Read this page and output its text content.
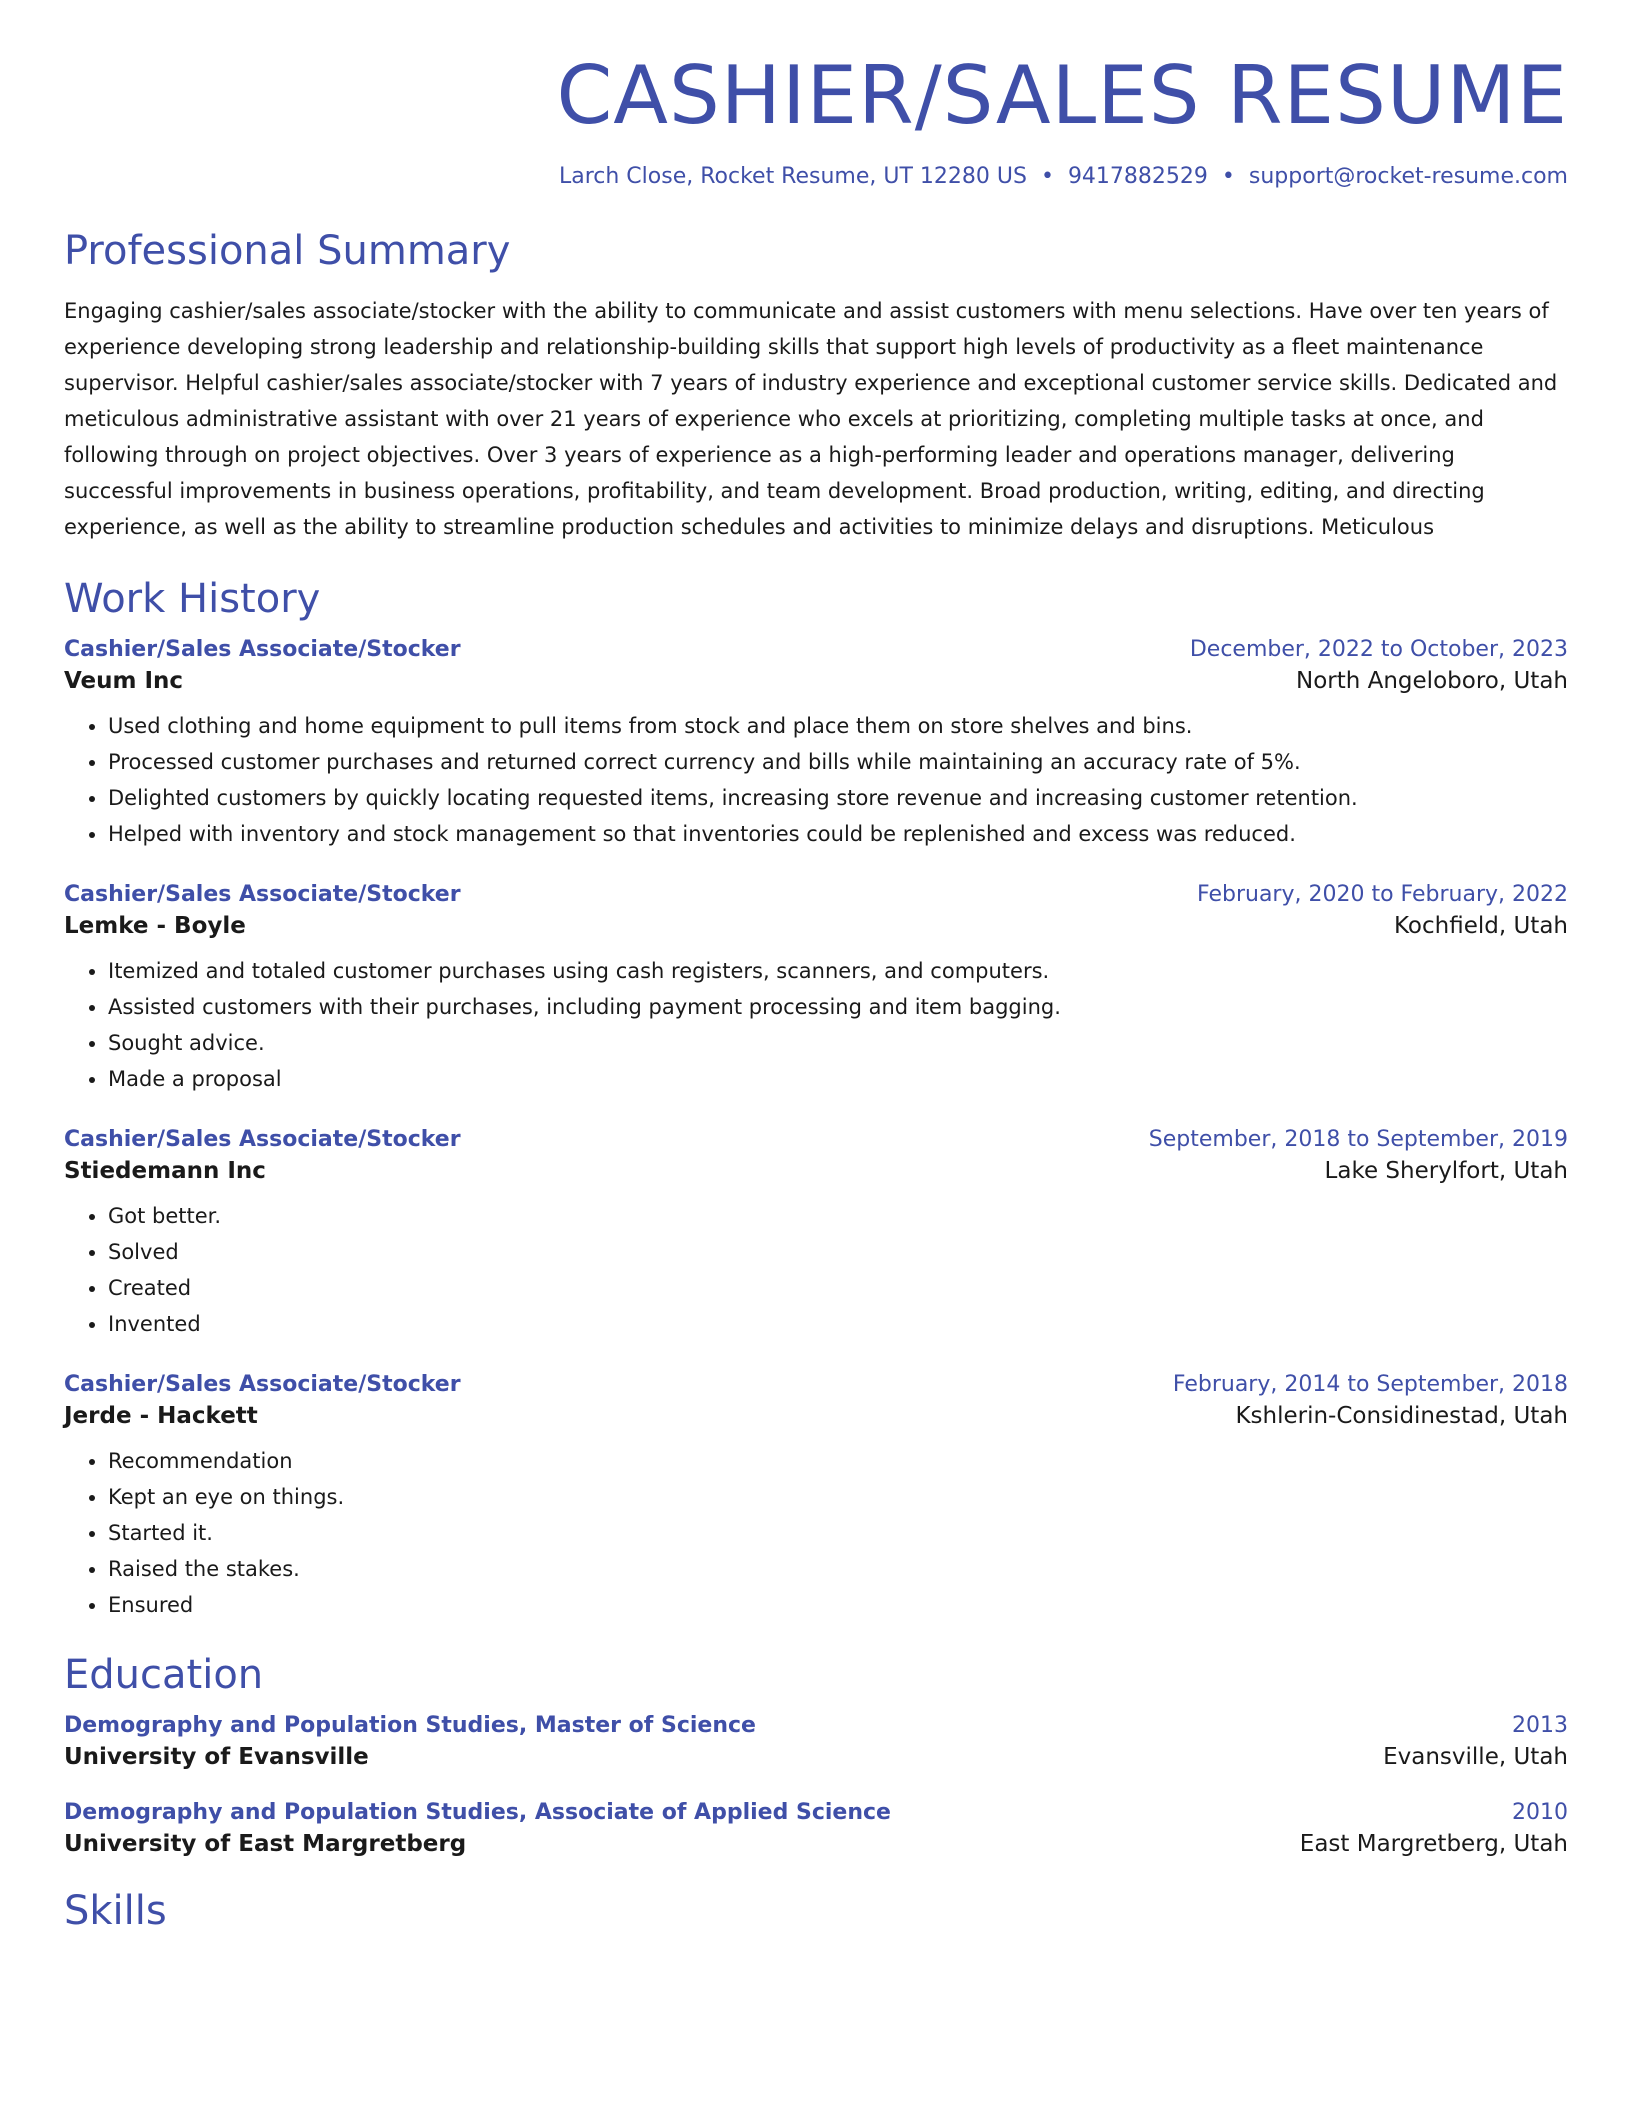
CASHIER/SALES RESUME
Larch Close, Rocket Resume, UT 12280 US • 9417882529 • support@rocket-resume.com
Professional Summary
Engaging cashier/sales associate/stocker with the ability to communicate and assist customers with menu selections. Have over ten years of experience developing strong leadership and relationship-building skills that support high levels of productivity as a fleet maintenance supervisor. Helpful cashier/sales associate/stocker with 7 years of industry experience and exceptional customer service skills. Dedicated and meticulous administrative assistant with over 21 years of experience who excels at prioritizing, completing multiple tasks at once, and following through on project objectives. Over 3 years of experience as a high-performing leader and operations manager, delivering successful improvements in business operations, profitability, and team development. Broad production, writing, editing, and directing experience, as well as the ability to streamline production schedules and activities to minimize delays and disruptions. Meticulous
Work History
Cashier/Sales Associate/Stocker	December, 2022 to October, 2023
Veum Inc	North Angeloboro, Utah
• Used clothing and home equipment to pull items from stock and place them on store shelves and bins.
• Processed customer purchases and returned correct currency and bills while maintaining an accuracy rate of 5%.
• Delighted customers by quickly locating requested items, increasing store revenue and increasing customer retention.
• Helped with inventory and stock management so that inventories could be replenished and excess was reduced.
Cashier/Sales Associate/Stocker	February, 2020 to February, 2022
Lemke - Boyle	Kochfield, Utah
• Itemized and totaled customer purchases using cash registers, scanners, and computers.
• Assisted customers with their purchases, including payment processing and item bagging.
• Sought advice.
• Made a proposal
Cashier/Sales Associate/Stocker	September, 2018 to September, 2019
Stiedemann Inc	Lake Sherylfort, Utah
• Got better.
• Solved
• Created
• Invented
Cashier/Sales Associate/Stocker	February, 2014 to September, 2018
Jerde - Hackett	Kshlerin-Considinestad, Utah
• Recommendation
• Kept an eye on things.
• Started it.
• Raised the stakes.
• Ensured
Education
Demography and Population Studies, Master of Science	2013
University of Evansville	Evansville, Utah
Demography and Population Studies, Associate of Applied Science	2010
University of East Margretberg	East Margretberg, Utah
Skills
